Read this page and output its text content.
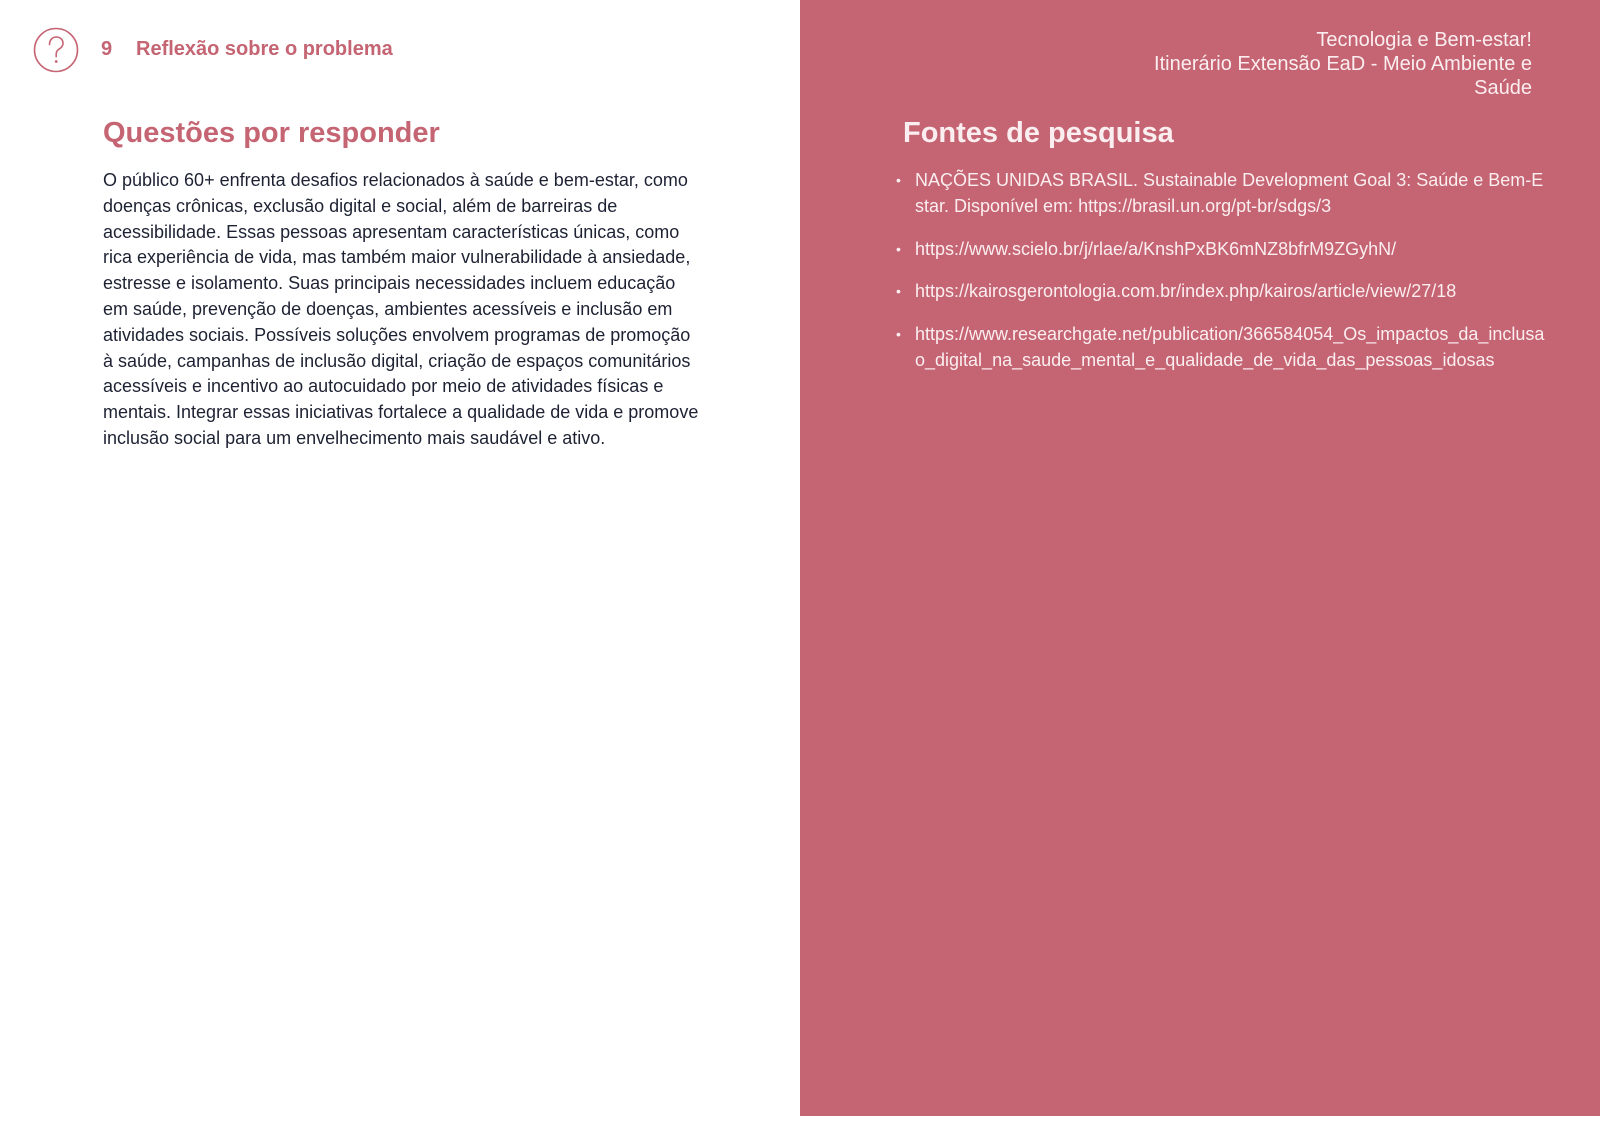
9 Reflexão sobre o problema
Questões por responder

O público 60+ enfrenta desafios relacionados à saúde e bem-estar, como doenças crônicas, exclusão digital e social, além de barreiras de acessibilidade. Essas pessoas apresentam características únicas, como rica experiência de vida, mas também maior vulnerabilidade à ansiedade, estresse e isolamento. Suas principais necessidades incluem educação em saúde, prevenção de doenças, ambientes acessíveis e inclusão em atividades sociais. Possíveis soluções envolvem programas de promoção à saúde, campanhas de inclusão digital, criação de espaços comunitários acessíveis e incentivo ao autocuidado por meio de atividades físicas e mentais. Integrar essas iniciativas fortalece a qualidade de vida e promove inclusão social para um envelhecimento mais saudável e ativo.

Tecnologia e Bem-estar!
Itinerário Extensão EaD - Meio Ambiente e
Saúde
Fontes de pesquisa
• NAÇÕES UNIDAS BRASIL. Sustainable Development Goal 3: Saúde e Bem-Estar. Disponível em: https://brasil.un.org/pt-br/sdgs/3
• https://www.scielo.br/j/rlae/a/KnshPxBK6mNZ8bfrM9ZGyhN/
• https://kairosgerontologia.com.br/index.php/kairos/article/view/27/18
• https://www.researchgate.net/publication/366584054_Os_impactos_da_inclusao_digital_na_saude_mental_e_qualidade_de_vida_das_pessoas_idosas
